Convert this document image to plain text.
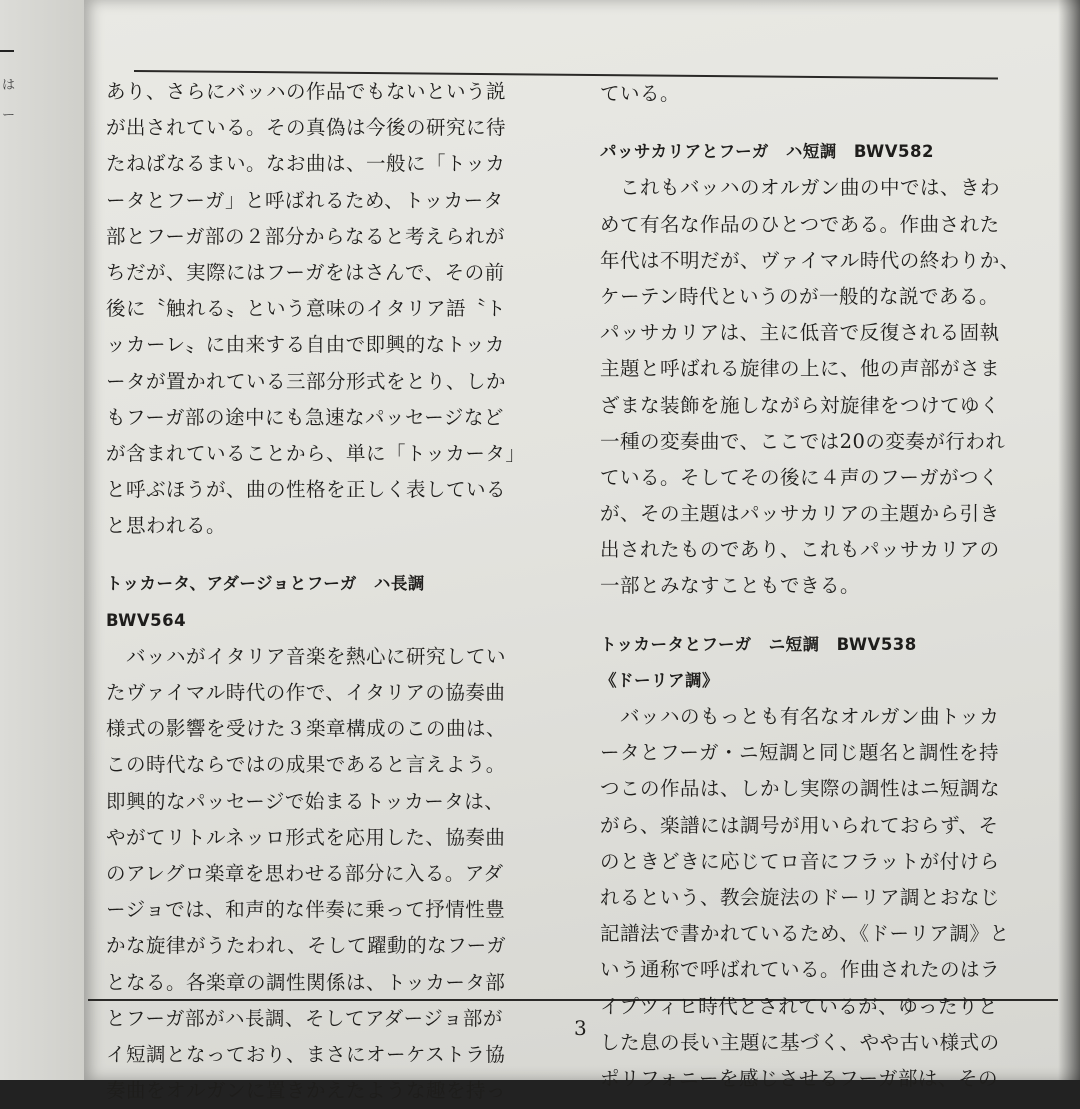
は
ー
あり、さらにバッハの作品でもないという説
が出されている。その真偽は今後の研究に待
たねばなるまい。なお曲は、一般に「トッカ
ータとフーガ」と呼ばれるため、トッカータ
部とフーガ部の２部分からなると考えられが
ちだが、実際にはフーガをはさんで、その前
後に〝触れる〟という意味のイタリア語〝ト
ッカーレ〟に由来する自由で即興的なトッカ
ータが置かれている三部分形式をとり、しか
もフーガ部の途中にも急速なパッセージなど
が含まれていることから、単に「トッカータ」
と呼ぶほうが、曲の性格を正しく表している
と思われる。
トッカータ、アダージョとフーガ　ハ長調
BWV564
　バッハがイタリア音楽を熱心に研究してい
たヴァイマル時代の作で、イタリアの協奏曲
様式の影響を受けた３楽章構成のこの曲は、
この時代ならではの成果であると言えよう。
即興的なパッセージで始まるトッカータは、
やがてリトルネッロ形式を応用した、協奏曲
のアレグロ楽章を思わせる部分に入る。アダ
ージョでは、和声的な伴奏に乗って抒情性豊
かな旋律がうたわれ、そして躍動的なフーガ
となる。各楽章の調性関係は、トッカータ部
とフーガ部がハ長調、そしてアダージョ部が
イ短調となっており、まさにオーケストラ協
奏曲をオルガンに置きかえたような趣を持っ
ている。
パッサカリアとフーガ　ハ短調　BWV582
　これもバッハのオルガン曲の中では、きわ
めて有名な作品のひとつである。作曲された
年代は不明だが、ヴァイマル時代の終わりか、
ケーテン時代というのが一般的な説である。
パッサカリアは、主に低音で反復される固執
主題と呼ばれる旋律の上に、他の声部がさま
ざまな装飾を施しながら対旋律をつけてゆく
一種の変奏曲で、ここでは20の変奏が行われ
ている。そしてその後に４声のフーガがつく
が、その主題はパッサカリアの主題から引き
出されたものであり、これもパッサカリアの
一部とみなすこともできる。
トッカータとフーガ　ニ短調　BWV538
《ドーリア調》
　バッハのもっとも有名なオルガン曲トッカ
ータとフーガ・ニ短調と同じ題名と調性を持
つこの作品は、しかし実際の調性はニ短調な
がら、楽譜には調号が用いられておらず、そ
のときどきに応じてロ音にフラットが付けら
れるという、教会旋法のドーリア調とおなじ
記譜法で書かれているため、《ドーリア調》と
いう通称で呼ばれている。作曲されたのはラ
イプツィヒ時代とされているが、ゆったりと
した息の長い主題に基づく、やや古い様式の
ポリフォニーを感じさせるフーガ部は、その
3
